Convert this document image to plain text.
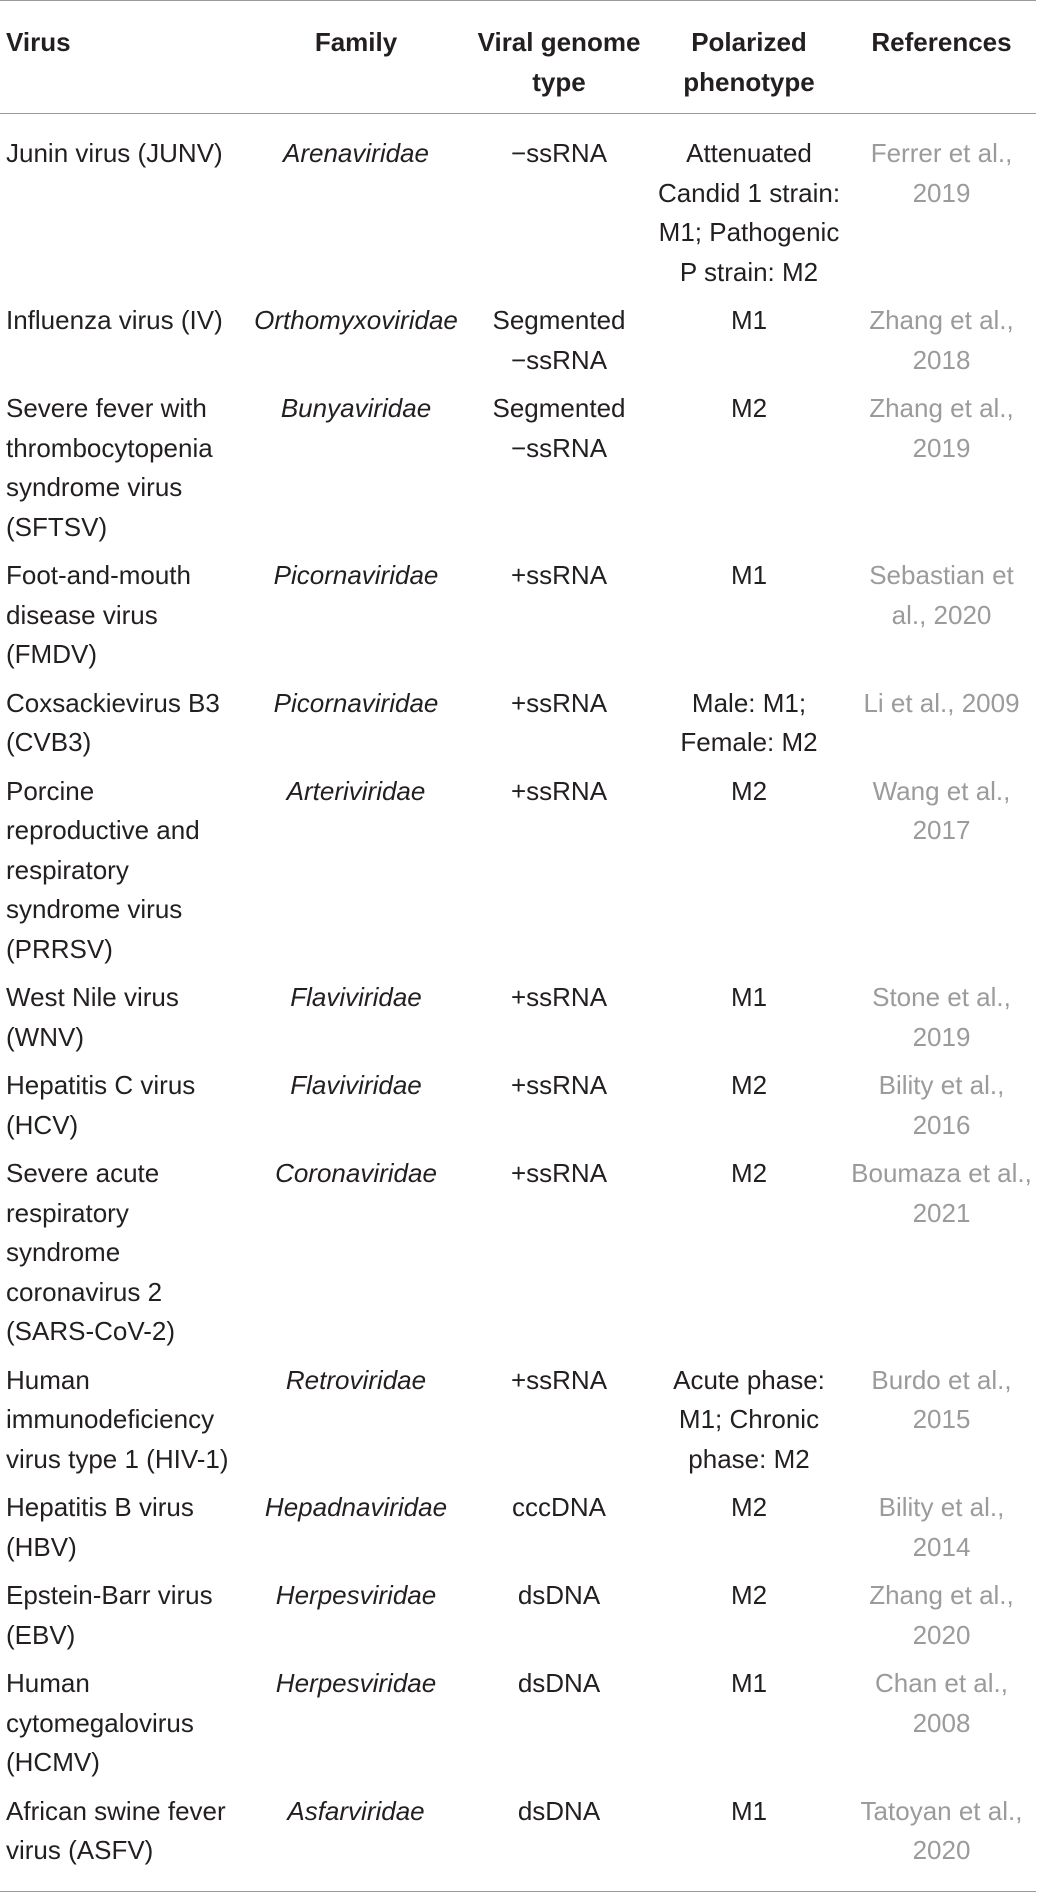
Virus	Family	Viral genome type	Polarized phenotype	References
Junin virus (JUNV)	Arenaviridae	−ssRNA	Attenuated Candid 1 strain: M1; Pathogenic P strain: M2	Ferrer et al., 2019
Influenza virus (IV)	Orthomyxoviridae	Segmented −ssRNA	M1	Zhang et al., 2018
Severe fever with thrombocytopenia syndrome virus (SFTSV)	Bunyaviridae	Segmented −ssRNA	M2	Zhang et al., 2019
Foot-and-mouth disease virus (FMDV)	Picornaviridae	+ssRNA	M1	Sebastian et al., 2020
Coxsackievirus B3 (CVB3)	Picornaviridae	+ssRNA	Male: M1; Female: M2	Li et al., 2009
Porcine reproductive and respiratory syndrome virus (PRRSV)	Arteriviridae	+ssRNA	M2	Wang et al., 2017
West Nile virus (WNV)	Flaviviridae	+ssRNA	M1	Stone et al., 2019
Hepatitis C virus (HCV)	Flaviviridae	+ssRNA	M2	Bility et al., 2016
Severe acute respiratory syndrome coronavirus 2 (SARS-CoV-2)	Coronaviridae	+ssRNA	M2	Boumaza et al., 2021
Human immunodeficiency virus type 1 (HIV-1)	Retroviridae	+ssRNA	Acute phase: M1; Chronic phase: M2	Burdo et al., 2015
Hepatitis B virus (HBV)	Hepadnaviridae	cccDNA	M2	Bility et al., 2014
Epstein-Barr virus (EBV)	Herpesviridae	dsDNA	M2	Zhang et al., 2020
Human cytomegalovirus (HCMV)	Herpesviridae	dsDNA	M1	Chan et al., 2008
African swine fever virus (ASFV)	Asfarviridae	dsDNA	M1	Tatoyan et al., 2020
